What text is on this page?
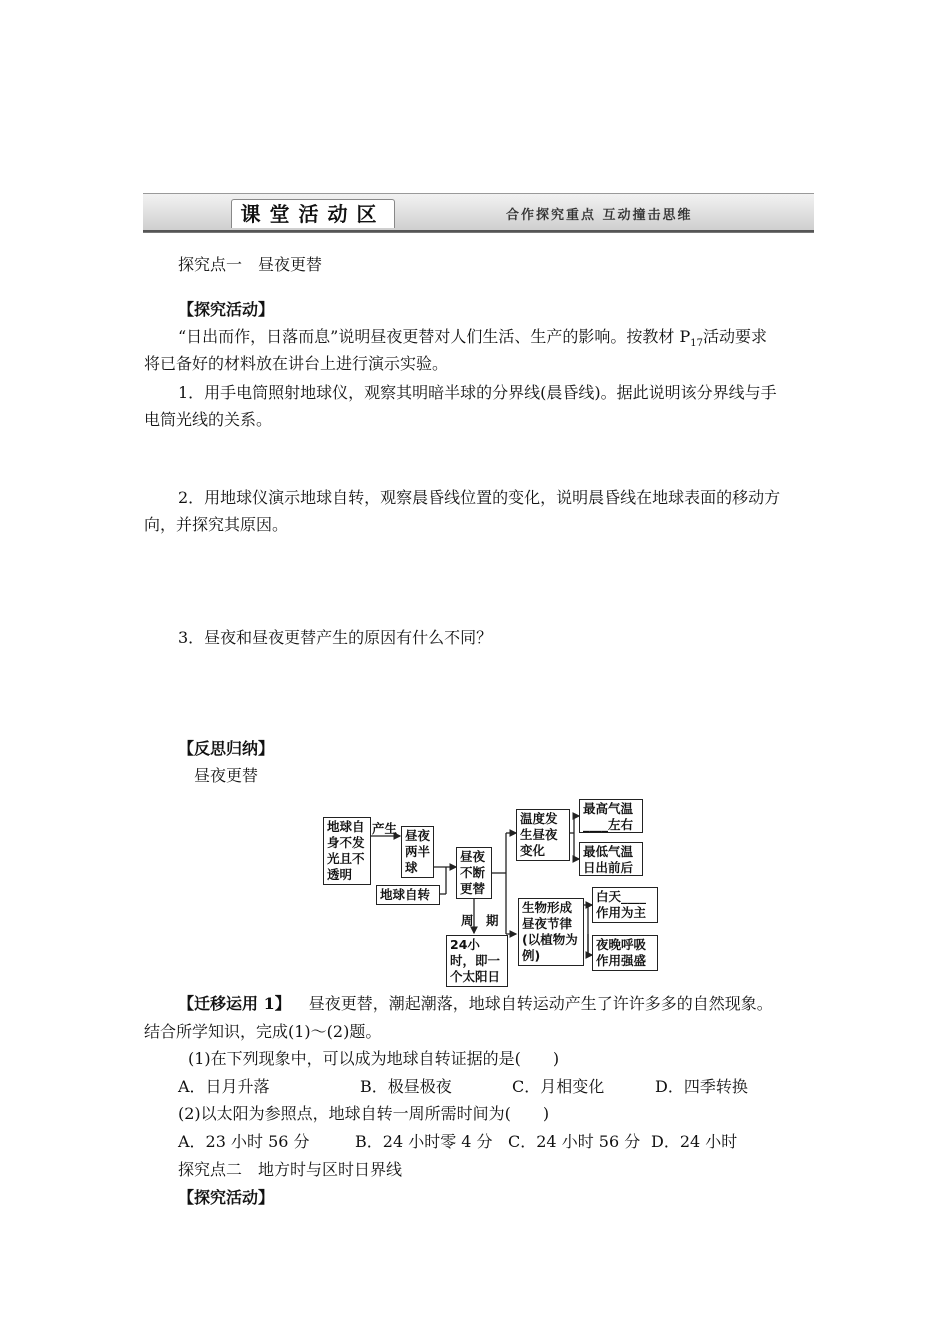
课堂活动区	合作探究重点 互动撞击思维
探究点一　昼夜更替
【探究活动】
“日出而作，日落而息”说明昼夜更替对人们生活、生产的影响。按教材 $P_{17}$活动要求
将已备好的材料放在讲台上进行演示实验。
1．用手电筒照射地球仪，观察其明暗半球的分界线(晨昏线)。据此说明该分界线与手
电筒光线的关系。
2．用地球仪演示地球自转，观察晨昏线位置的变化，说明晨昏线在地球表面的移动方
向，并探究其原因。
3．昼夜和昼夜更替产生的原因有什么不同？
【反思归纳】
昼夜更替
地球自身不发光且不透明
产生 昼夜两半球
地球自转
昼夜不断更替
周　期
24小时，即一个太阳日
温度发生昼夜变化
最高气温____左右
最低气温日出前后
生物形成昼夜节律(以植物为例)
白天____作用为主
夜晚呼吸作用强盛
【迁移运用 1】 昼夜更替，潮起潮落，地球自转运动产生了许许多多的自然现象。
结合所学知识，完成(1)～(2)题。
(1)在下列现象中，可以成为地球自转证据的是(　　)
A．日月升落	B．极昼极夜	C．月相变化	D．四季转换
(2)以太阳为参照点，地球自转一周所需时间为(　　)
A．23 小时 56 分	B．24 小时零 4 分 C．24 小时 56 分 D．24 小时
探究点二　地方时与区时日界线
【探究活动】
